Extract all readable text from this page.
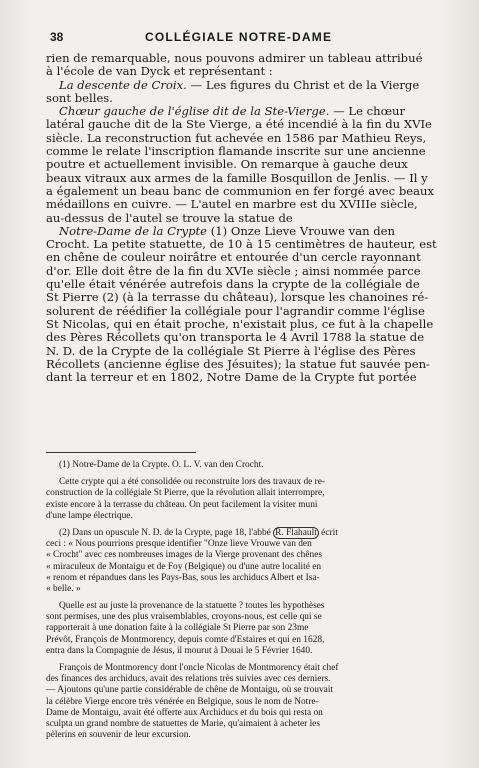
38	COLLÉGIALE NOTRE-DAME
rien de remarquable, nous pouvons admirer un tableau attribué
à l'école de van Dyck et représentant :
La descente de Croix. — Les figures du Christ et de la Vierge
sont belles.
Chœur gauche de l'église dit de la Ste-Vierge. — Le chœur
latéral gauche dit de la Ste Vierge, a été incendié à la fin du XVIe
siècle. La reconstruction fut achevée en 1586 par Mathieu Reys,
comme le relate l'inscription flamande inscrite sur une ancienne
poutre et actuellement invisible. On remarque à gauche deux
beaux vitraux aux armes de la famille Bosquillon de Jenlis. — Il y
a également un beau banc de communion en fer forgé avec beaux
médaillons en cuivre. — L'autel en marbre est du XVIIIe siècle,
au-dessus de l'autel se trouve la statue de
Notre-Dame de la Crypte (1) Onze Lieve Vrouwe van den
Crocht. La petite statuette, de 10 à 15 centimètres de hauteur, est
en chêne de couleur noirâtre et entourée d'un cercle rayonnant
d'or. Elle doit être de la fin du XVIe siècle ; ainsi nommée parce
qu'elle était vénérée autrefois dans la crypte de la collégiale de
St Pierre (2) (à la terrasse du château), lorsque les chanoines ré-
solurent de réédifier la collégiale pour l'agrandir comme l'église
St Nicolas, qui en était proche, n'existait plus, ce fut à la chapelle
des Pères Récollets qu'on transporta le 4 Avril 1788 la statue de
N. D. de la Crypte de la collégiale St Pierre à l'église des Pères
Récollets (ancienne église des Jésuites); la statue fut sauvée pen-
dant la terreur et en 1802, Notre Dame de la Crypte fut portée
(1) Notre-Dame de la Crypte. O. L. V. van den Crocht.
Cette crypte qui a été consolidée ou reconstruite lors des travaux de re-
construction de la collégiale St Pierre, que la révolution allait interrompre,
existe encore à la terrasse du château. On peut facilement la visiter muni
d'une lampe électrique.
(2) Dans un opuscule N. D. de la Crypte, page 18, l'abbé R. Flahault écrit
ceci : « Nous pourrions presque identifier "Onze lieve Vrouwe van den
« Crocht" avec ces nombreuses images de la Vierge provenant des chênes
« miraculeux de Montaigu et de Foy (Belgique) ou d'une autre localité en
« renom et répandues dans les Pays-Bas, sous les archiducs Albert et Isa-
« belle. »
Quelle est au juste la provenance de la statuette ? toutes les hypothèses
sont permises, une des plus vraisemblables, croyons-nous, est celle qui se
rapporterait à une donation faite à la collégiale St Pierre par son 23me
Prévôt, François de Montmorency, depuis comte d'Estaires et qui en 1628,
entra dans la Compagnie de Jésus, il mourut à Douai le 5 Février 1640.
François de Montmorency dont l'oncle Nicolas de Montmorency était chef
des finances des archiducs, avait des relations très suivies avec ces derniers.
— Ajoutons qu'une partie considérable de chêne de Montaigu, où se trouvait
la célèbre Vierge encore très vénérée en Belgique, sous le nom de Notre-
Dame de Montaigu, avait été offerte aux Archiducs et du bois qui resta on
sculpta un grand nombre de statuettes de Marie, qu'aimaient à acheter les
pèlerins en souvenir de leur excursion.
